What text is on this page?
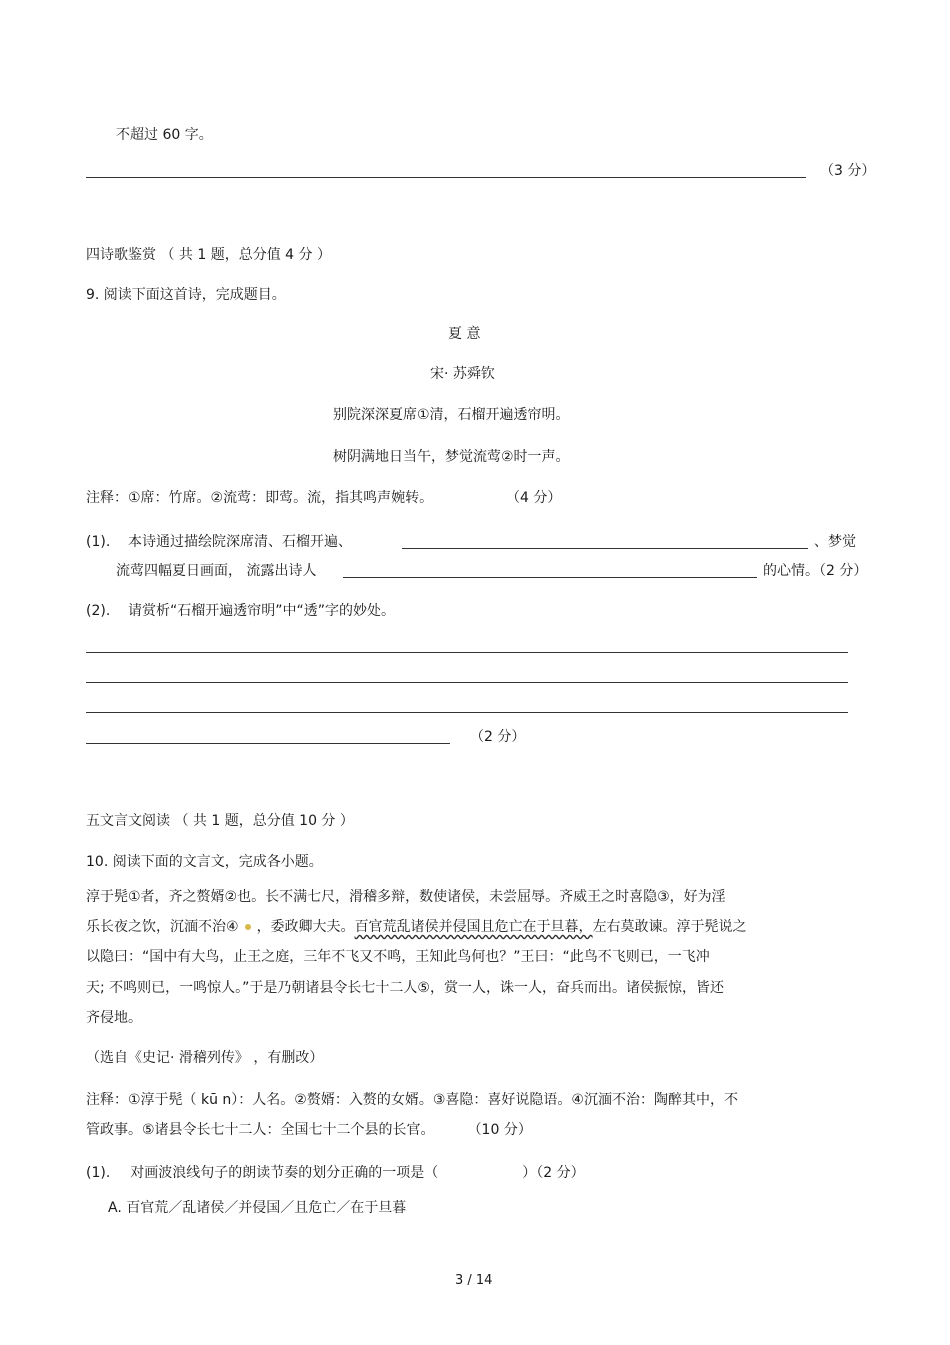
不超过 60 字。
（3 分）
四诗歌鉴赏 （ 共 1 题，总分值 4 分 ）
9. 阅读下面这首诗，完成题目。
夏 意
宋· 苏舜钦
别院深深夏席①清，石榴开遍透帘明。
树阴满地日当午，梦觉流莺②时一声。
注释：①席：竹席。②流莺：即莺。流，指其鸣声婉转。	（4 分）
(1). 本诗通过描绘院深席清、石榴开遍、	、梦觉
流莺四幅夏日画面， 流露出诗人	的心情。（2 分）
(2). 请赏析“石榴开遍透帘明”中“透”字的妙处。
（2 分）
五文言文阅读 （ 共 1 题，总分值 10 分 ）
10. 阅读下面的文言文，完成各小题。
淳于髡①者，齐之赘婿②也。长不满七尺，滑稽多辩，数使诸侯，未尝屈辱。齐威王之时喜隐③，好为淫
乐长夜之饮，沉湎不治④ ，委政卿大夫。百官荒乱诸侯并侵国且危亡在于旦暮，左右莫敢谏。淳于髡说之
以隐曰：“国中有大鸟，止王之庭，三年不飞又不鸣，王知此鸟何也？”王曰：“此鸟不飞则已，一飞冲
天; 不鸣则已，一鸣惊人。”于是乃朝诸县令长七十二人⑤，赏一人，诛一人，奋兵而出。诸侯振惊，皆还
齐侵地。
（选自《史记· 滑稽列传》 ，有删改）
注释：①淳于髡（ kū n）：人名。②赘婿：入赘的女婿。③喜隐：喜好说隐语。④沉湎不治：陶醉其中，不
管政事。⑤诸县令长七十二人：全国七十二个县的长官。	（10 分）
(1). 对画波浪线句子的朗读节奏的划分正确的一项是（	）（2 分）
A. 百官荒／乱诸侯／并侵国／且危亡／在于旦暮
3 / 14
